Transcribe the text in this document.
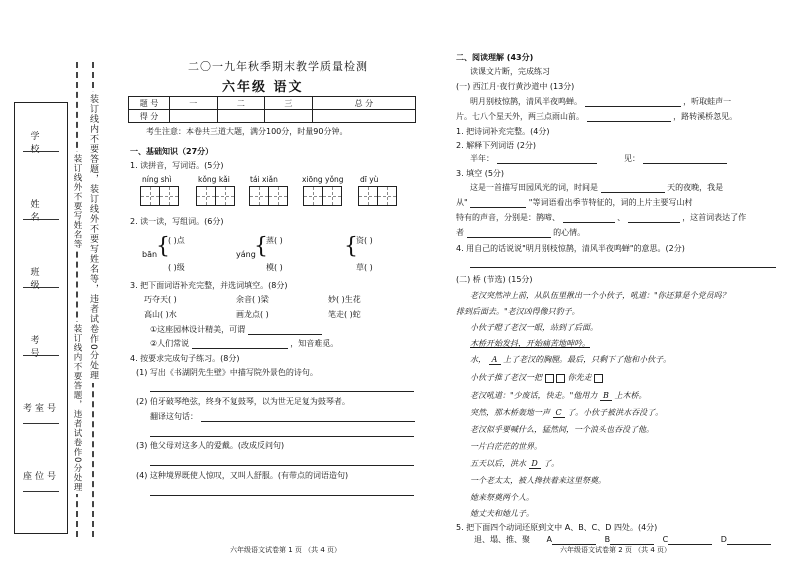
学 校
姓 名
班 级
考 号
考室号
座位号
装订线外不要写姓名等
装订线内不要答题，违者试卷作0分处理
装订线内不要答题，装订线外不要写姓名等，违者试卷作0分处理
二〇一九年秋季期末教学质量检测
六年级 语文
题 号	一	二	三	总 分
得 分				
考生注意：本卷共三道大题，满分100分，时量90分钟。
一、基础知识（27分）
1. 读拼音，写词语。(5分)
níng shì	kǒng kǎi	tái xiǎn	xiōng yǒng dī yù
2. 读一读，写组词。(6分)
bān
{
( )点
( )级
yáng
{
蒸( )
模( )
{
资( )
草( )
3. 把下面词语补充完整，并选词填空。(8分)
巧夺天( )	余音( )梁	妙( )生花
高山( )水	画龙点( )	笔走( )蛇
①这座园林设计精美，可谓
②人们常说	，知音难觅。
4. 按要求完成句子练习。(8分)
(1) 写出《书湖阴先生壁》中描写院外景色的诗句。
(2) 伯牙破琴绝弦，终身不复鼓琴，以为世无足复为鼓琴者。
翻译这句话：
(3) 他父母对这多人的爱戴。(改成反问句)
(4) 这种境界既使人惊叹，又叫人舒服。(有带点的词语造句)
六年级语文试卷第 1 页 （共 4 页）
二、阅读理解 (43分)
读课文片断，完成练习
(一) 西江月·夜行黄沙道中 (13分)
明月别枝惊鹊，清风半夜鸣蝉。	，听取蛙声一
片。七八个星天外，两三点雨山前。	，路转溪桥忽见。
1. 把诗词补充完整。(4分)
2. 解释下列词语 (2分)
半年：	见：
3. 填空 (5分)
这是一首描写田园风光的词，时间是	天的夜晚，我是
从"	"等词语看出季节特征的，词的上片主要写山村
特有的声音，分别是：鹊啼、	、	，这首词表达了作
者	的心情。
4. 用自己的话说说"明月别枝惊鹊，清风半夜鸣蝉"的意思。(2分)
(二) 桥 (节选) (15分)
老汉突然冲上前，从队伍里揪出一个小伙子，吼道："你还算是个党员吗？
排到后面去。"老汉凶得像只豹子。
小伙子瞪了老汉一眼，站到了后面。
木桥开始发抖，开始痛苦地呻吟。
水， A 上了老汉的胸膛。最后，只剩下了他和小伙子。
小伙子推了老汉一把	你先走
老汉吼道："少废话，快走。"他用力 B 上木桥。
突然，那木桥轰地一声 C 了。小伙子被洪水吞没了。
老汉似乎要喊什么，猛然间，一个浪头也吞没了他。
一片白茫茫的世界。
五天以后，洪水 D 了。
一个老太太，被人搀扶着来这里祭奠。
她来祭奠两个人。
她丈夫和她儿子。
5. 把下面四个动词还原到文中 A、B、C、D 四处。(4分)
退、塌、推、聚 A	B	C	D
六年级语文试卷第 2 页 （共 4 页）
